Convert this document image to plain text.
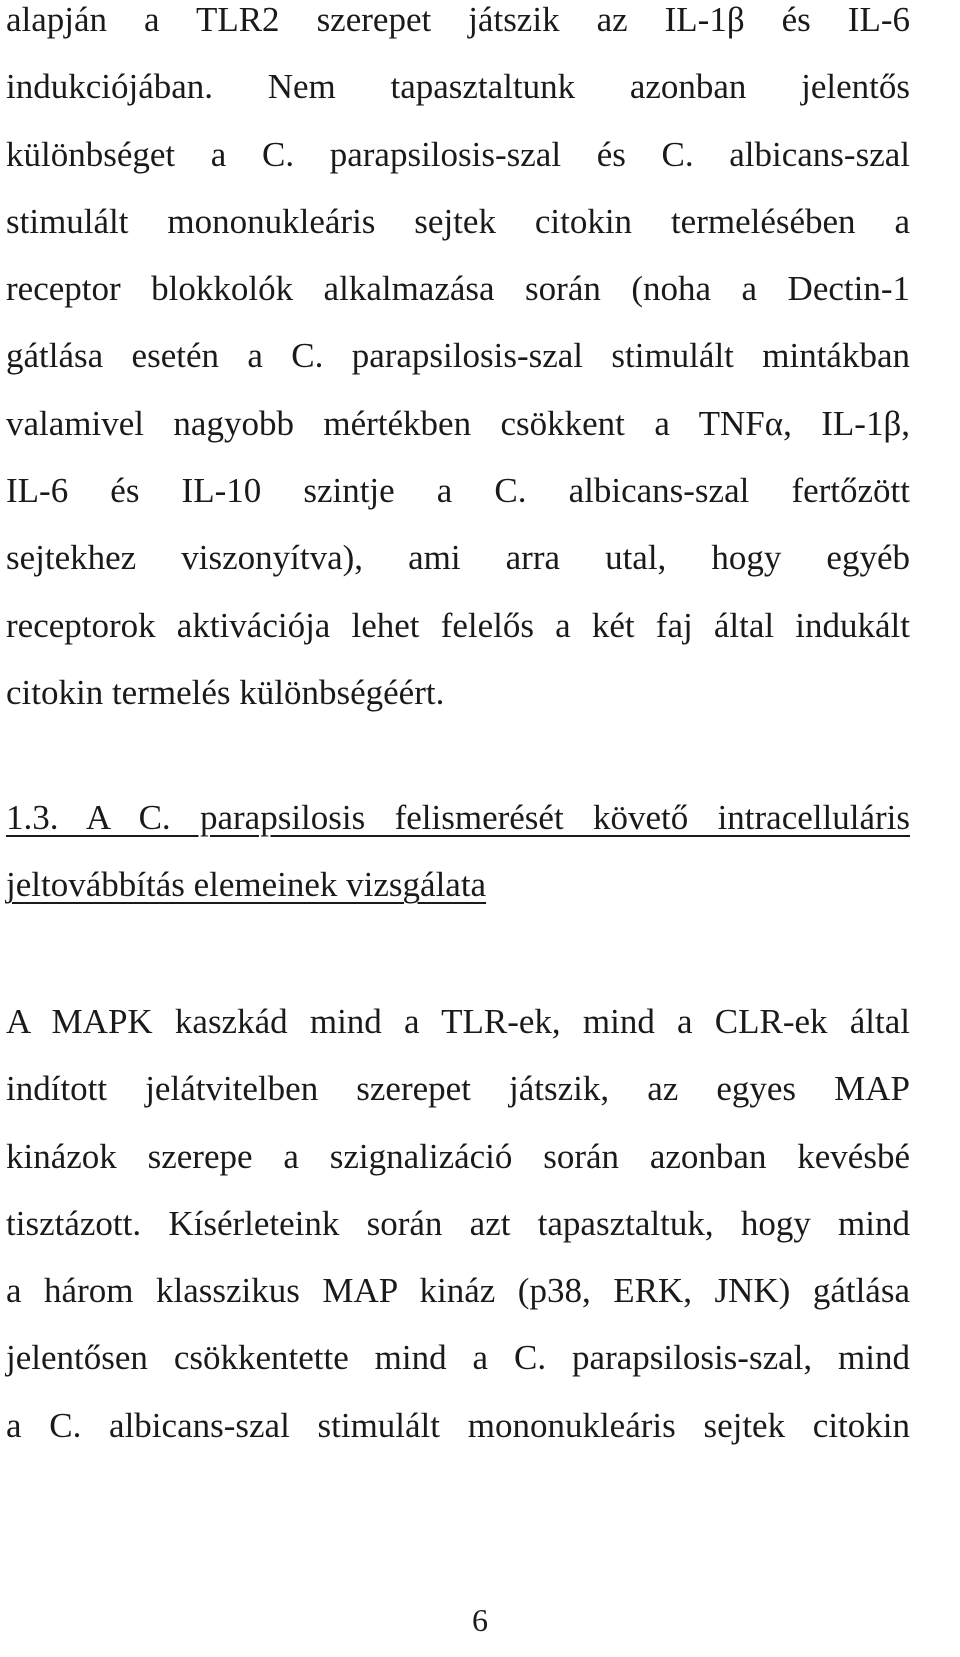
alapján a TLR2 szerepet játszik az IL-1β és IL-6
indukciójában. Nem tapasztaltunk azonban jelentős
különbséget a C. parapsilosis-szal és C. albicans-szal
stimulált mononukleáris sejtek citokin termelésében a
receptor blokkolók alkalmazása során (noha a Dectin-1
gátlása esetén a C. parapsilosis-szal stimulált mintákban
valamivel nagyobb mértékben csökkent a TNFα, IL-1β,
IL-6 és IL-10 szintje a C. albicans-szal fertőzött
sejtekhez viszonyítva), ami arra utal, hogy egyéb
receptorok aktivációja lehet felelős a két faj által indukált
citokin termelés különbségéért.

1.3. A C. parapsilosis felismerését követő intracelluláris
jeltovábbítás elemeinek vizsgálata

A MAPK kaszkád mind a TLR-ek, mind a CLR-ek által
indított jelátvitelben szerepet játszik, az egyes MAP
kinázok szerepe a szignalizáció során azonban kevésbé
tisztázott. Kísérleteink során azt tapasztaltuk, hogy mind
a három klasszikus MAP kináz (p38, ERK, JNK) gátlása
jelentősen csökkentette mind a C. parapsilosis-szal, mind
a C. albicans-szal stimulált mononukleáris sejtek citokin

6
